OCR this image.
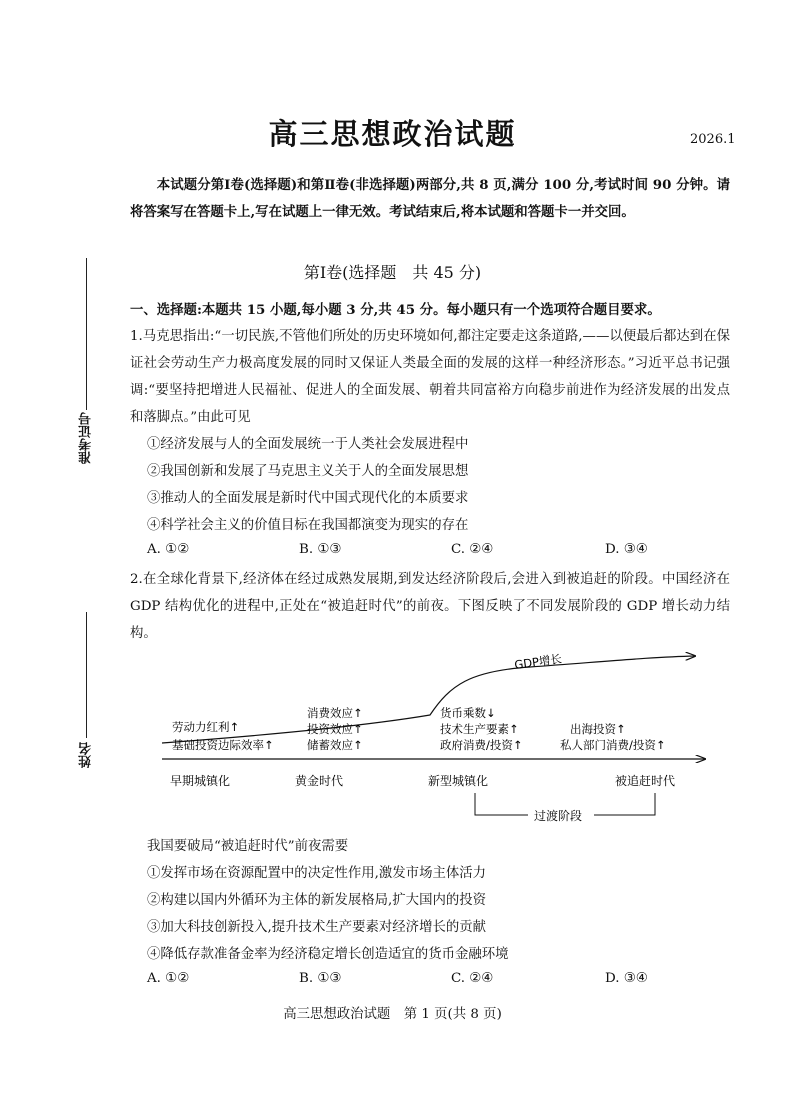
准考证号
姓名
高三思想政治试题	2026.1
本试题分第Ⅰ卷(选择题)和第Ⅱ卷(非选择题)两部分,共 8 页,满分 100 分,考试时间 90 分钟。请将答案写在答题卡上,写在试题上一律无效。考试结束后,将本试题和答题卡一并交回。
第Ⅰ卷(选择题　共 45 分)
一、选择题:本题共 15 小题,每小题 3 分,共 45 分。每小题只有一个选项符合题目要求。
1.马克思指出:“一切民族,不管他们所处的历史环境如何,都注定要走这条道路,——以便最后都达到在保证社会劳动生产力极高度发展的同时又保证人类最全面的发展的这样一种经济形态。”习近平总书记强调:“要坚持把增进人民福祉、促进人的全面发展、朝着共同富裕方向稳步前进作为经济发展的出发点和落脚点。”由此可见
①经济发展与人的全面发展统一于人类社会发展进程中
②我国创新和发展了马克思主义关于人的全面发展思想
③推动人的全面发展是新时代中国式现代化的本质要求
④科学社会主义的价值目标在我国都演变为现实的存在
A. ①②	B. ①③	C. ②④	D. ③④
2.在全球化背景下,经济体在经过成熟发展期,到发达经济阶段后,会进入到被追赶的阶段。中国经济在 GDP 结构优化的进程中,正处在“被追赶时代”的前夜。下图反映了不同发展阶段的 GDP 增长动力结构。
GDP增长
劳动力红利↑
基础投资边际效率↑
消费效应↑
投资效应↑
储蓄效应↑
货币乘数↓
技术生产要素↑
政府消费/投资↑
出海投资↑
私人部门消费/投资↑
早期城镇化	黄金时代	新型城镇化	被追赶时代
过渡阶段
我国要破局“被追赶时代”前夜需要
①发挥市场在资源配置中的决定性作用,激发市场主体活力
②构建以国内外循环为主体的新发展格局,扩大国内的投资
③加大科技创新投入,提升技术生产要素对经济增长的贡献
④降低存款准备金率为经济稳定增长创造适宜的货币金融环境
A. ①②	B. ①③	C. ②④	D. ③④
高三思想政治试题　第 1 页(共 8 页)
